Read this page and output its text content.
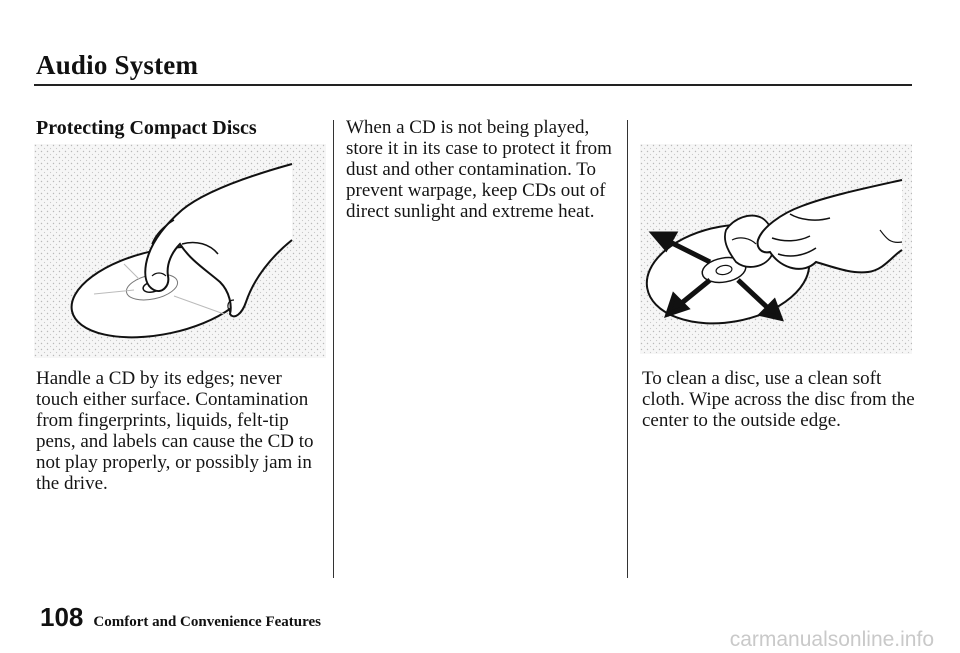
Audio System
Protecting Compact Discs

Handle a CD by its edges; never touch either surface. Contamination from fingerprints, liquids, felt-tip pens, and labels can cause the CD to not play properly, or possibly jam in the drive.

When a CD is not being played, store it in its case to protect it from dust and other contamination. To prevent warpage, keep CDs out of direct sunlight and extreme heat.

To clean a disc, use a clean soft cloth. Wipe across the disc from the center to the outside edge.

108 Comfort and Convenience Features
carmanualsonline.info
